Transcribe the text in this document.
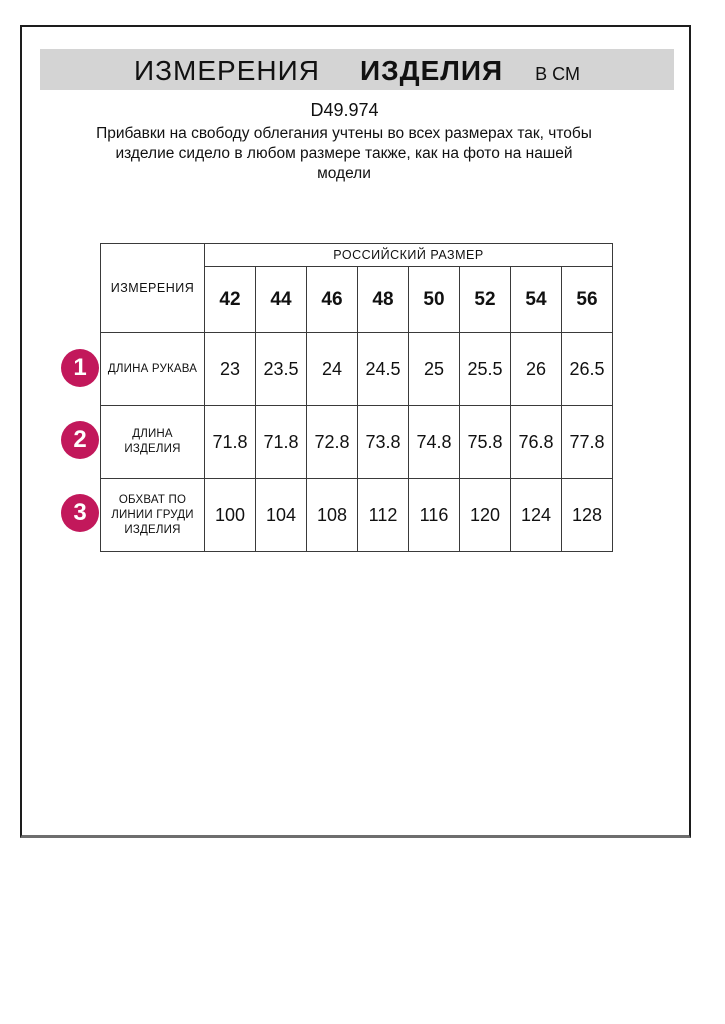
ИЗМЕРЕНИЯ ИЗДЕЛИЯ В СМ
D49.974
Прибавки на свободу облегания учтены во всех размерах так, чтобы
изделие сидело в любом размере также, как на фото на нашей
модели
ИЗМЕРЕНИЯ	РОССИЙСКИЙ РАЗМЕР							
	42	44	46	48	50	52	54	56
ДЛИНА РУКАВА	23	23.5	24	24.5	25	25.5	26	26.5
ДЛИНА
ИЗДЕЛИЯ	71.8	71.8	72.8	73.8	74.8	75.8	76.8	77.8
ОБХВАТ ПО
ЛИНИИ ГРУДИ
ИЗДЕЛИЯ	100	104	108	112	116	120	124	128
1
2
3
